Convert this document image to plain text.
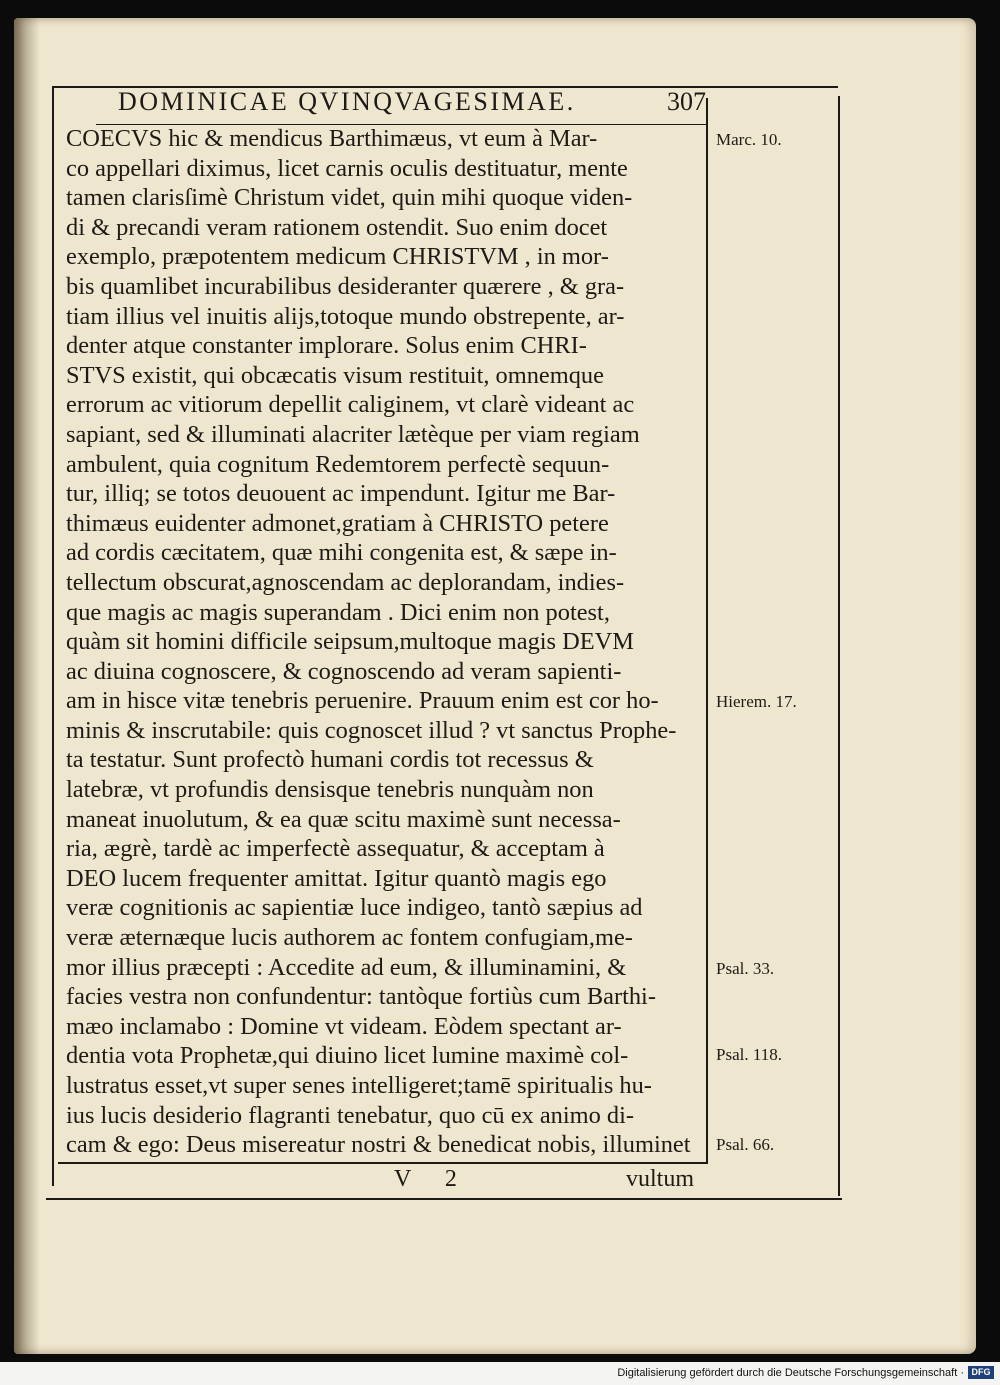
DOMINICAE QVINQVAGESIMAE.	307
COECVS hic & mendicus Barthimæus, vt eum à Mar-
co appellari diximus, licet carnis oculis destituatur, mente
tamen clarisſimè Christum videt, quin mihi quoque viden-
di & precandi veram rationem ostendit. Suo enim docet
exemplo, præpotentem medicum CHRISTVM , in mor-
bis quamlibet incurabilibus desideranter quærere , & gra-
tiam illius vel inuitis alijs,totoque mundo obstrepente, ar-
denter atque constanter implorare. Solus enim CHRI-
STVS existit, qui obcæcatis visum restituit, omnemque
errorum ac vitiorum depellit caliginem, vt clarè videant ac
sapiant, sed & illuminati alacriter lætèque per viam regiam
ambulent, quia cognitum Redemtorem perfectè sequun-
tur, illiq; se totos deuouent ac impendunt. Igitur me Bar-
thimæus euidenter admonet,gratiam à CHRISTO petere
ad cordis cæcitatem, quæ mihi congenita est, & sæpe in-
tellectum obscurat,agnoscendam ac deplorandam, indies-
que magis ac magis superandam . Dici enim non potest,
quàm sit homini difficile seipsum,multoque magis DEVM
ac diuina cognoscere, & cognoscendo ad veram sapienti-
am in hisce vitæ tenebris peruenire. Prauum enim est cor ho-
minis & inscrutabile: quis cognoscet illud ? vt sanctus Prophe-
ta testatur. Sunt profectò humani cordis tot recessus &
latebræ, vt profundis densisque tenebris nunquàm non
maneat inuolutum, & ea quæ scitu maximè sunt necessa-
ria, ægrè, tardè ac imperfectè assequatur, & acceptam à
DEO lucem frequenter amittat. Igitur quantò magis ego
veræ cognitionis ac sapientiæ luce indigeo, tantò sæpius ad
veræ æternæque lucis authorem ac fontem confugiam,me-
mor illius præcepti : Accedite ad eum, & illuminamini, &
facies vestra non confundentur: tantòque fortiùs cum Barthi-
mæo inclamabo : Domine vt videam. Eòdem spectant ar-
dentia vota Prophetæ,qui diuino licet lumine maximè col-
lustratus esset,vt super senes intelligeret;tamē spiritualis hu-
ius lucis desiderio flagranti tenebatur, quo cū ex animo di-
cam & ego: Deus misereatur nostri & benedicat nobis, illuminet
Marc. 10.
Hierem. 17.
Psal. 33.
Psal. 118.
Psal. 66.
V 2	vultum
Digitalisierung gefördert durch die Deutsche Forschungsgemeinschaft · DFG
